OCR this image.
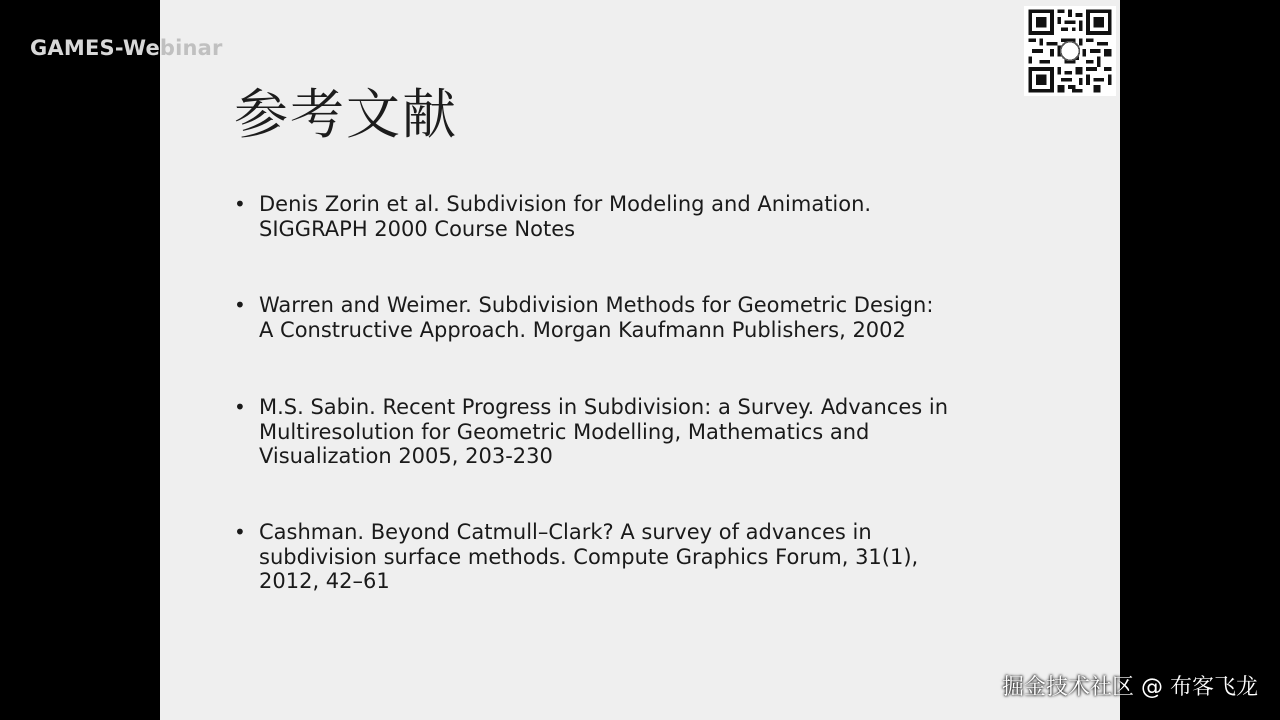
GAMES-Webinar
参考文献
• Denis Zorin et al. Subdivision for Modeling and Animation.
SIGGRAPH 2000 Course Notes
• Warren and Weimer. Subdivision Methods for Geometric Design:
A Constructive Approach. Morgan Kaufmann Publishers, 2002
• M.S. Sabin. Recent Progress in Subdivision: a Survey. Advances in
Multiresolution for Geometric Modelling, Mathematics and
Visualization 2005, 203-230
• Cashman. Beyond Catmull–Clark? A survey of advances in
subdivision surface methods. Compute Graphics Forum, 31(1),
2012, 42–61
掘金技术社区 @ 布客飞龙
